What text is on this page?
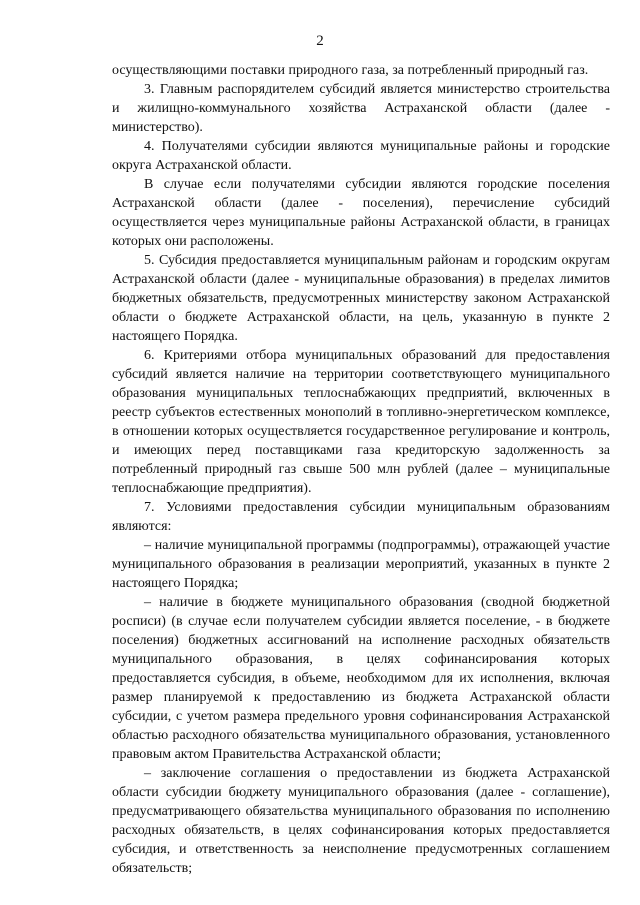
2

осуществляющими поставки природного газа, за потребленный природный газ.

3. Главным распорядителем субсидий является министерство строительства и жилищно-коммунального хозяйства Астраханской области (далее - министерство).

4. Получателями субсидии являются муниципальные районы и городские округа Астраханской области.

В случае если получателями субсидии являются городские поселения Астраханской области (далее - поселения), перечисление субсидий осуществляется через муниципальные районы Астраханской области, в границах которых они расположены.

5. Субсидия предоставляется муниципальным районам и городским округам Астраханской области (далее - муниципальные образования) в пределах лимитов бюджетных обязательств, предусмотренных министерству законом Астраханской области о бюджете Астраханской области, на цель, указанную в пункте 2 настоящего Порядка.

6. Критериями отбора муниципальных образований для предоставления субсидий является наличие на территории соответствующего муниципального образования муниципальных теплоснабжающих предприятий, включенных в реестр субъектов естественных монополий в топливно-энергетическом комплексе, в отношении которых осуществляется государственное регулирование и контроль, и имеющих перед поставщиками газа кредиторскую задолженность за потребленный природный газ свыше 500 млн рублей (далее – муниципальные теплоснабжающие предприятия).

7. Условиями предоставления субсидии муниципальным образованиям являются:

– наличие муниципальной программы (подпрограммы), отражающей участие муниципального образования в реализации мероприятий, указанных в пункте 2 настоящего Порядка;

– наличие в бюджете муниципального образования (сводной бюджетной росписи) (в случае если получателем субсидии является поселение, - в бюджете поселения) бюджетных ассигнований на исполнение расходных обязательств муниципального образования, в целях софинансирования которых предоставляется субсидия, в объеме, необходимом для их исполнения, включая размер планируемой к предоставлению из бюджета Астраханской области субсидии, с учетом размера предельного уровня софинансирования Астраханской областью расходного обязательства муниципального образования, установленного правовым актом Правительства Астраханской области;

– заключение соглашения о предоставлении из бюджета Астраханской области субсидии бюджету муниципального образования (далее - соглашение), предусматривающего обязательства муниципального образования по исполнению расходных обязательств, в целях софинансирования которых предоставляется субсидия, и ответственность за неисполнение предусмотренных соглашением обязательств;
